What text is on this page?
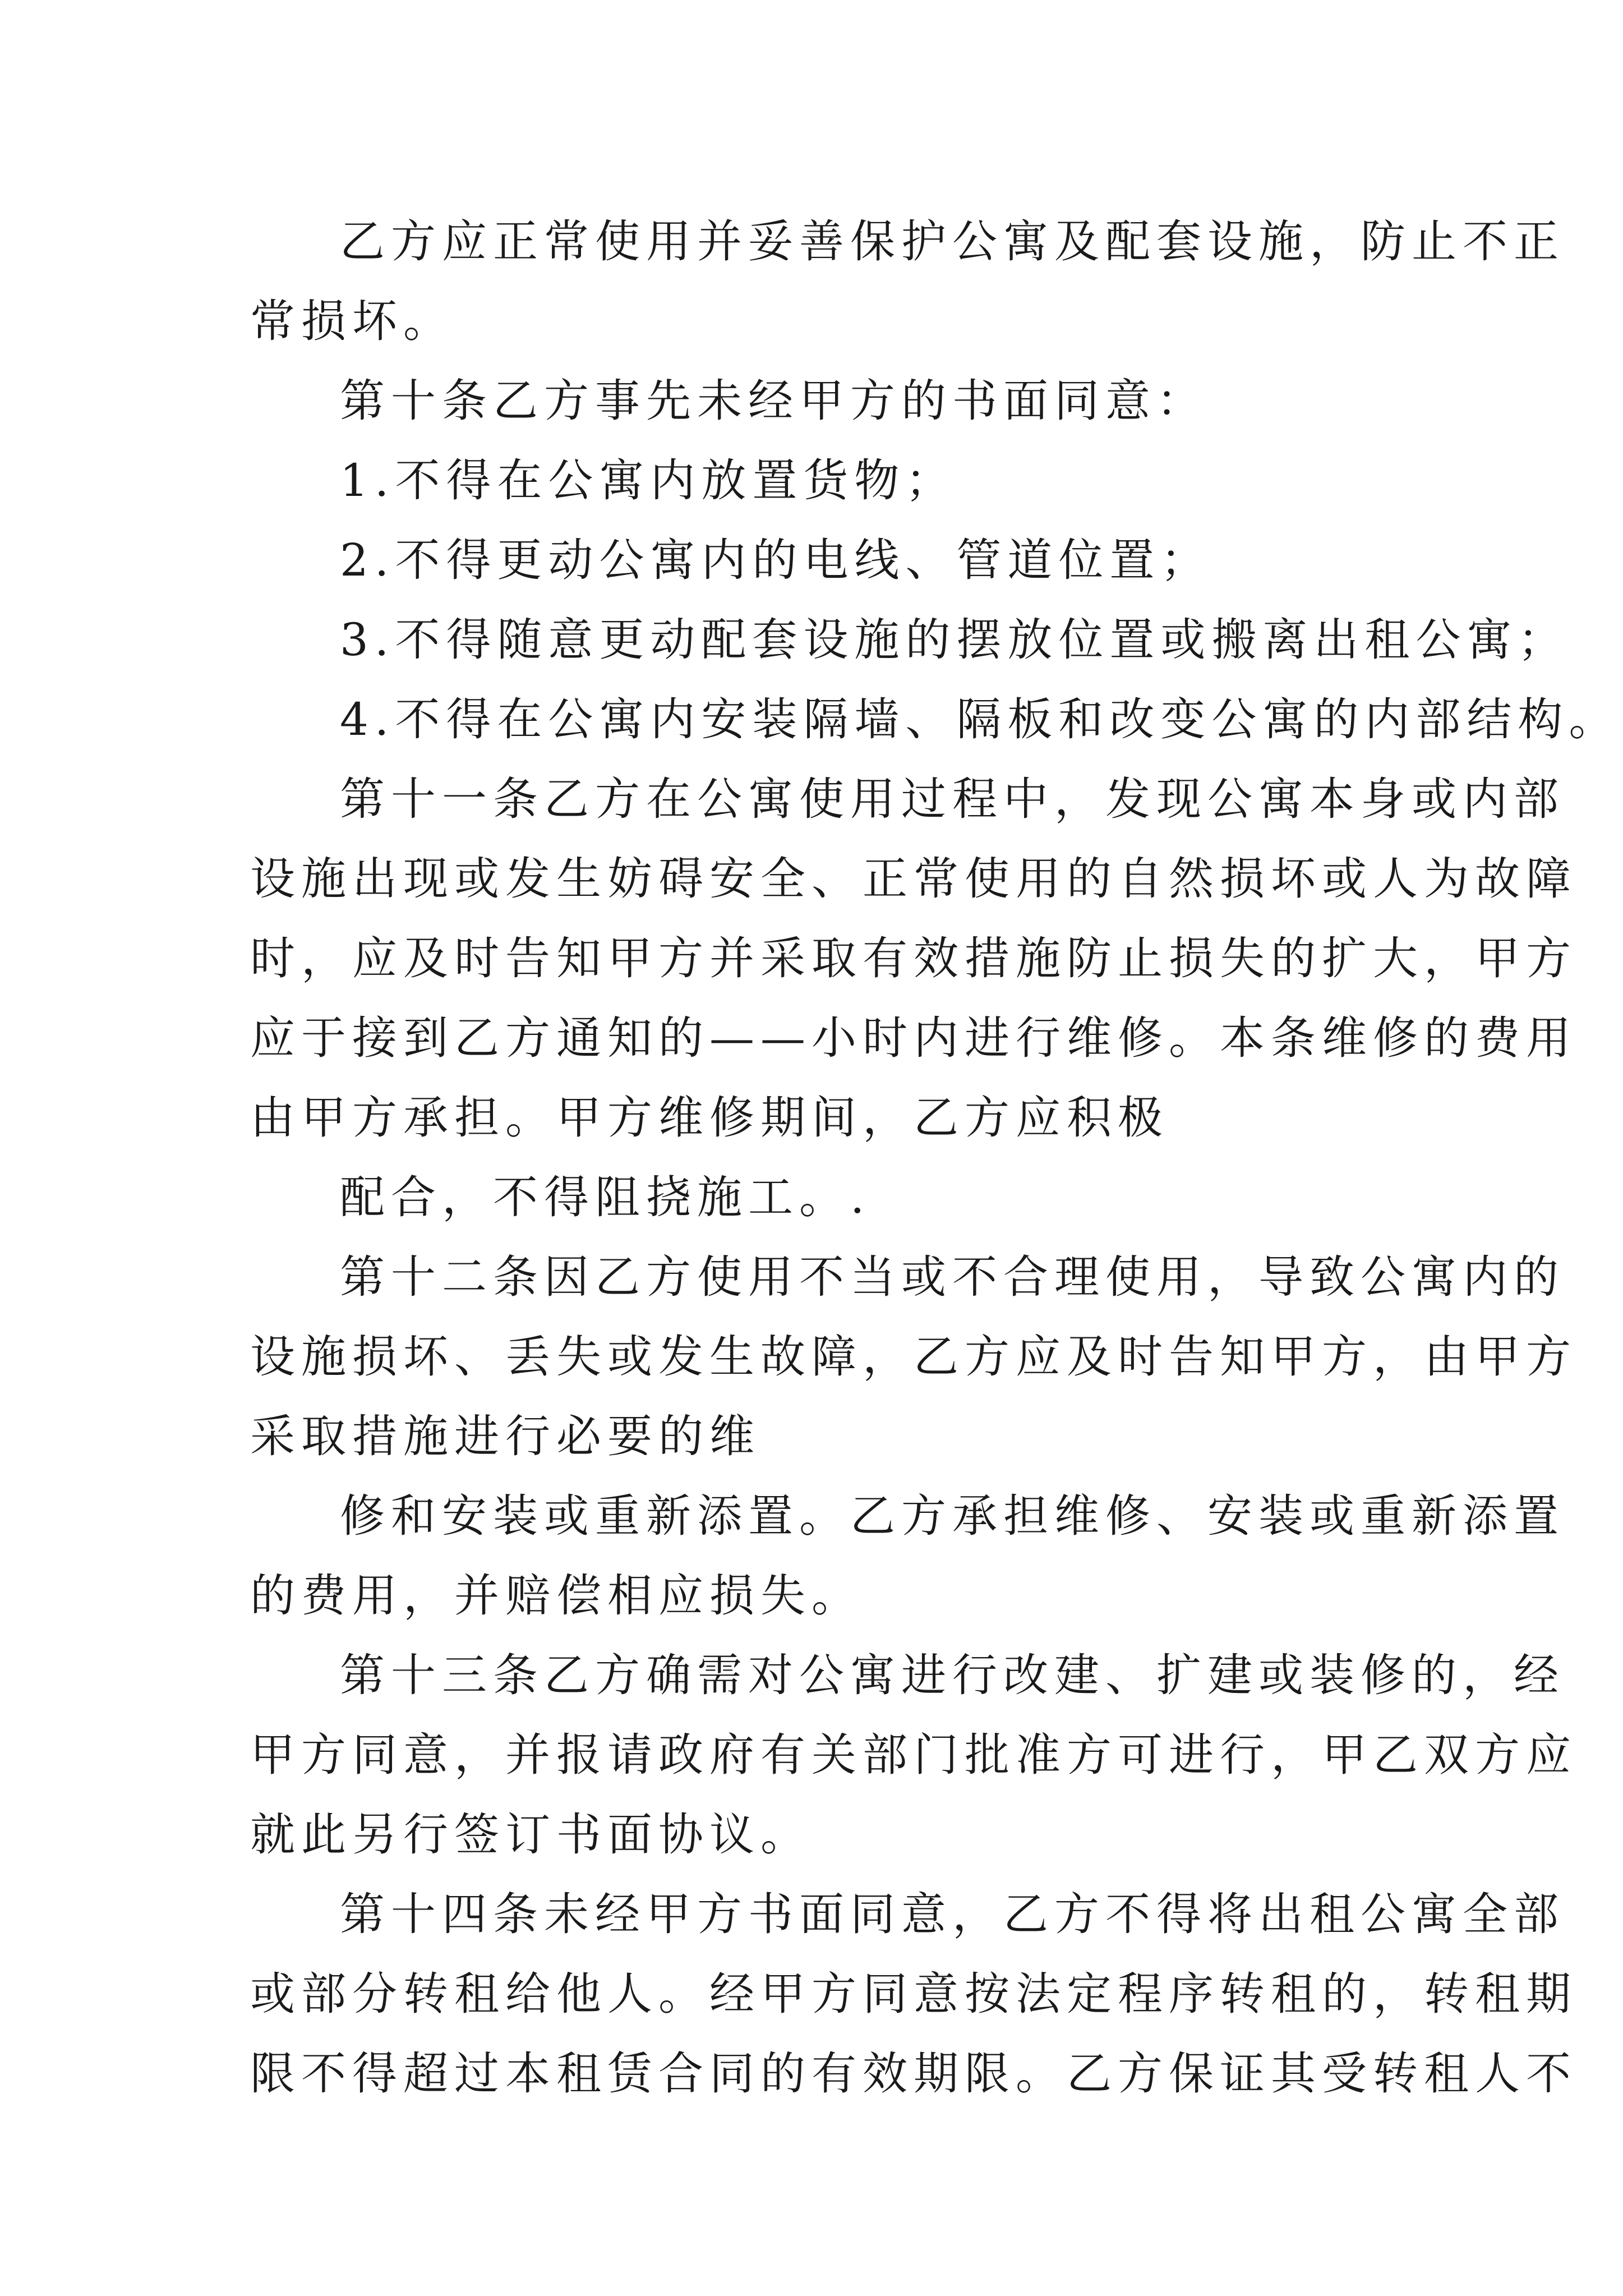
乙方应正常使用并妥善保护公寓及配套设施，防止不正
常损坏。
第十条乙方事先未经甲方的书面同意：
1.不得在公寓内放置货物；
2.不得更动公寓内的电线、管道位置；
3.不得随意更动配套设施的摆放位置或搬离出租公寓；
4.不得在公寓内安装隔墙、隔板和改变公寓的内部结构。
第十一条乙方在公寓使用过程中，发现公寓本身或内部
设施出现或发生妨碍安全、正常使用的自然损坏或人为故障
时，应及时告知甲方并采取有效措施防止损失的扩大，甲方
应于接到乙方通知的——小时内进行维修。本条维修的费用
由甲方承担。甲方维修期间，乙方应积极
配合，不得阻挠施工。.
第十二条因乙方使用不当或不合理使用，导致公寓内的
设施损坏、丢失或发生故障，乙方应及时告知甲方，由甲方
采取措施进行必要的维
修和安装或重新添置。乙方承担维修、安装或重新添置
的费用，并赔偿相应损失。
第十三条乙方确需对公寓进行改建、扩建或装修的，经
甲方同意，并报请政府有关部门批准方可进行，甲乙双方应
就此另行签订书面协议。
第十四条未经甲方书面同意，乙方不得将出租公寓全部
或部分转租给他人。经甲方同意按法定程序转租的，转租期
限不得超过本租赁合同的有效期限。乙方保证其受转租人不
